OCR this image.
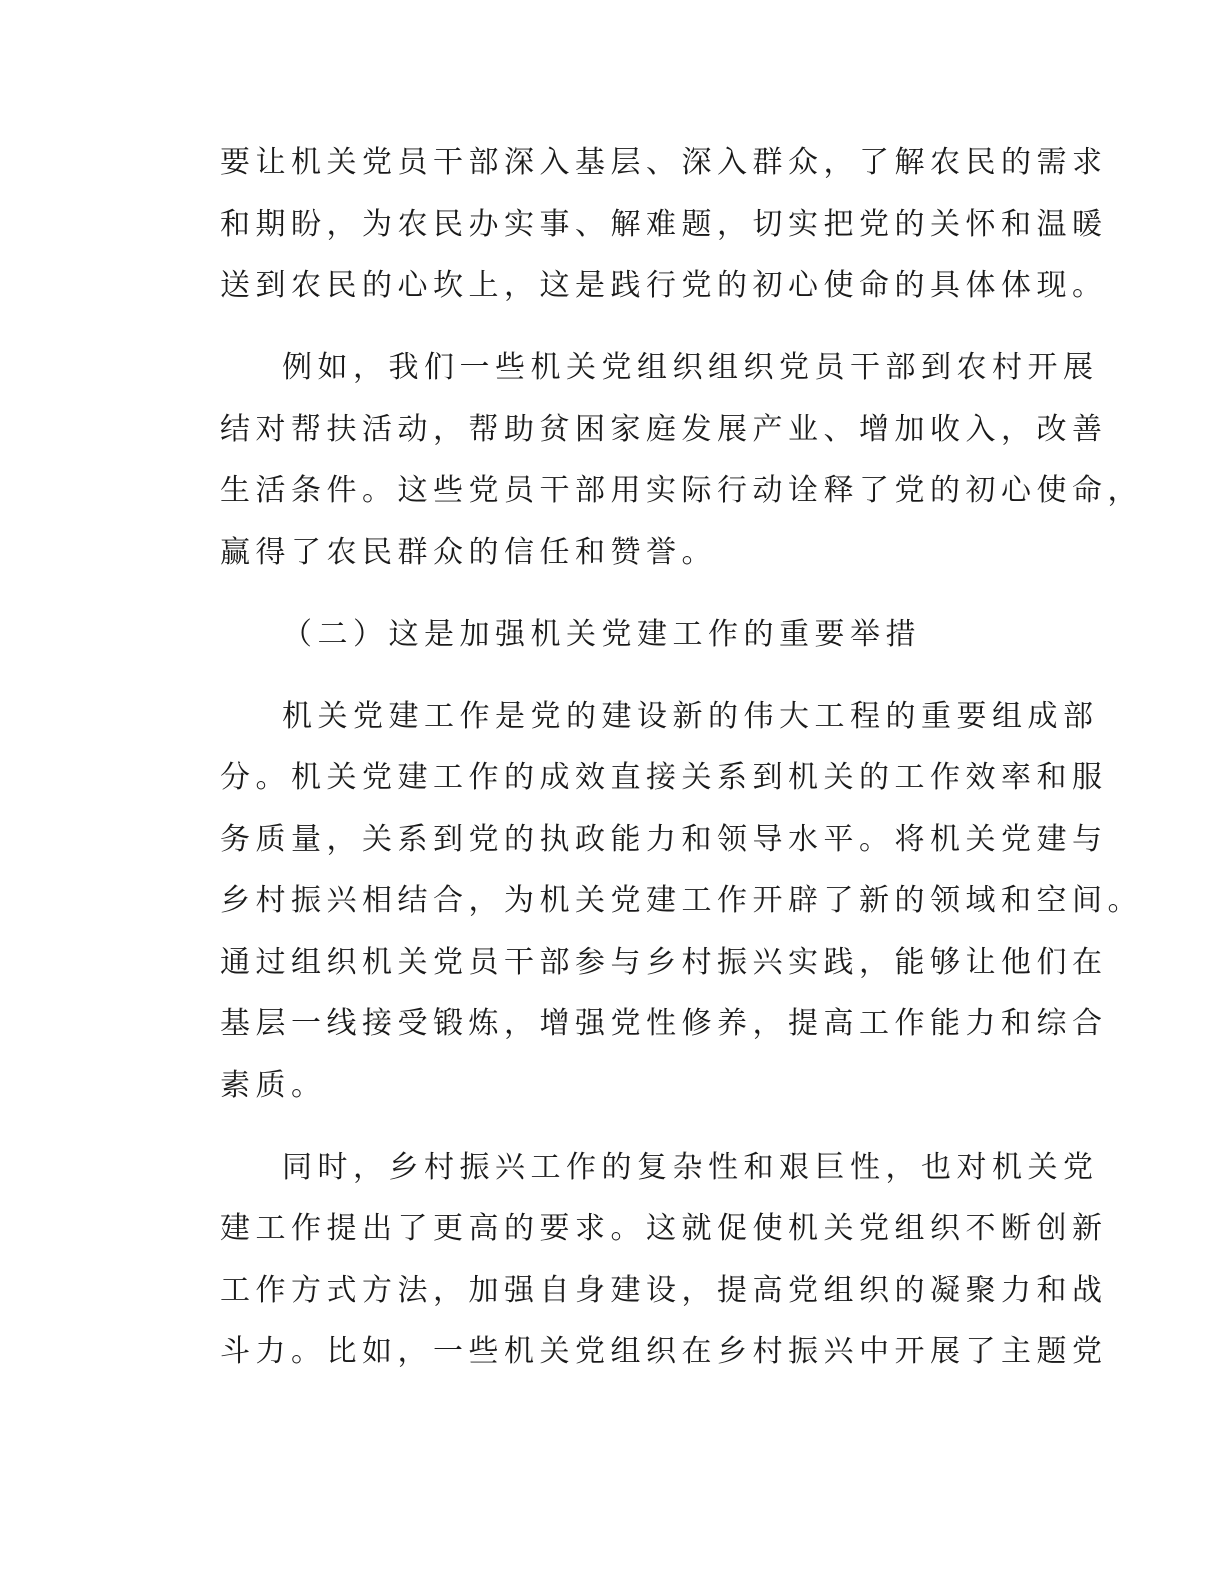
要让机关党员干部深入基层、深入群众，了解农民的需求

和期盼，为农民办实事、解难题，切实把党的关怀和温暖

送到农民的心坎上，这是践行党的初心使命的具体体现。

例如，我们一些机关党组织组织党员干部到农村开展

结对帮扶活动，帮助贫困家庭发展产业、增加收入，改善

生活条件。这些党员干部用实际行动诠释了党的初心使命，

赢得了农民群众的信任和赞誉。

（二）这是加强机关党建工作的重要举措

机关党建工作是党的建设新的伟大工程的重要组成部

分。机关党建工作的成效直接关系到机关的工作效率和服

务质量，关系到党的执政能力和领导水平。将机关党建与

乡村振兴相结合，为机关党建工作开辟了新的领域和空间。

通过组织机关党员干部参与乡村振兴实践，能够让他们在

基层一线接受锻炼，增强党性修养，提高工作能力和综合

素质。

同时，乡村振兴工作的复杂性和艰巨性，也对机关党

建工作提出了更高的要求。这就促使机关党组织不断创新

工作方式方法，加强自身建设，提高党组织的凝聚力和战

斗力。比如，一些机关党组织在乡村振兴中开展了主题党
